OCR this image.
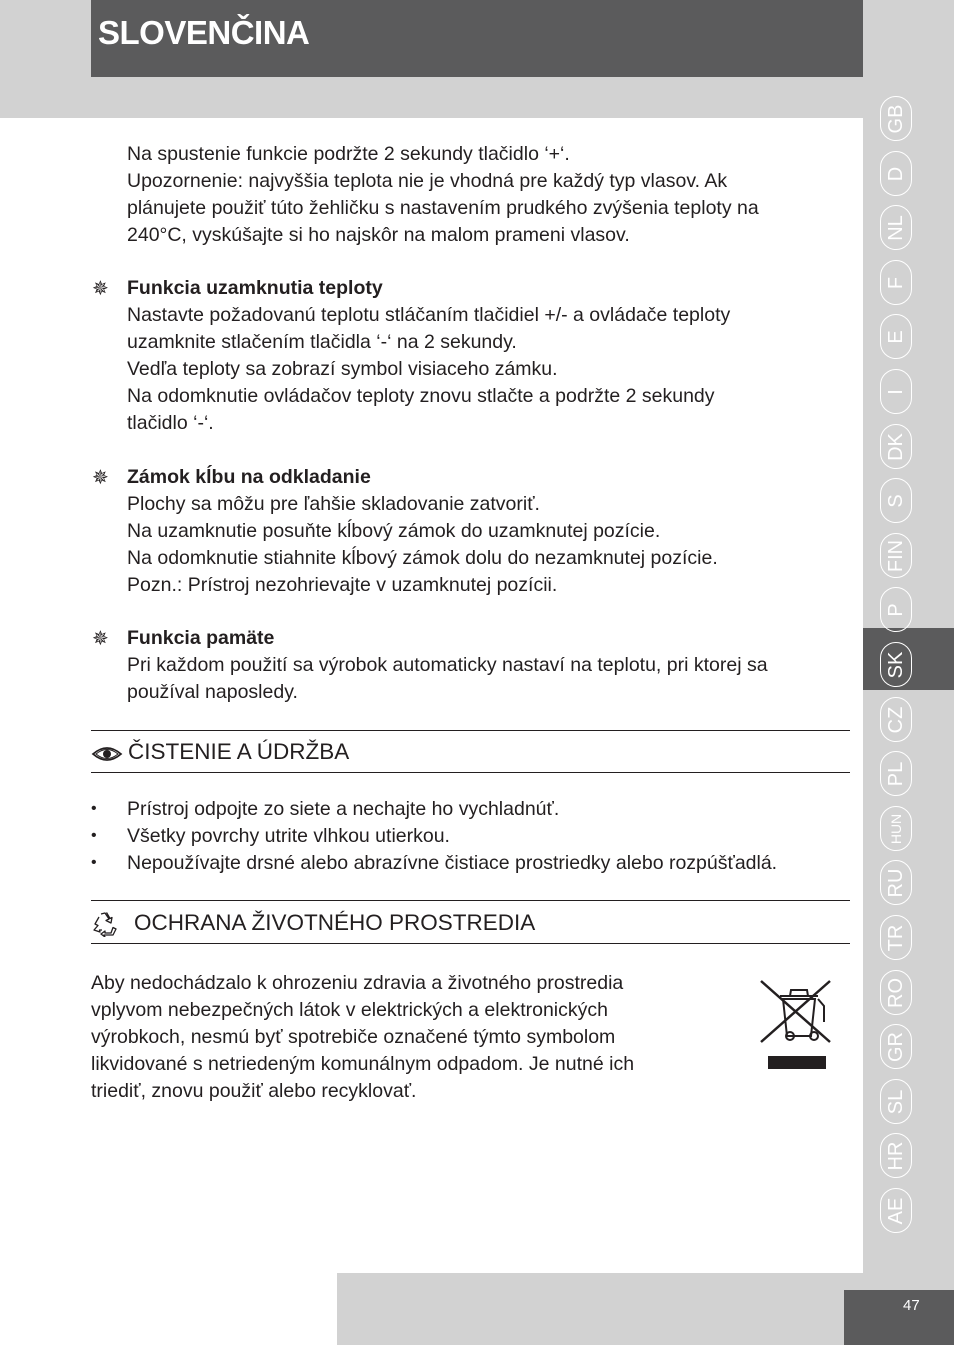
SLOVENČINA
Na spustenie funkcie podržte 2 sekundy tlačidlo ‘+‘.
Upozornenie: najvyššia teplota nie je vhodná pre každý typ vlasov. Ak
plánujete použiť túto žehličku s nastavením prudkého zvýšenia teploty na
240°C, vyskúšajte si ho najskôr na malom prameni vlasov.
✵ Funkcia uzamknutia teploty
Nastavte požadovanú teplotu stláčaním tlačidiel +/- a ovládače teploty
uzamknite stlačením tlačidla ‘-‘ na 2 sekundy.
Vedľa teploty sa zobrazí symbol visiaceho zámku.
Na odomknutie ovládačov teploty znovu stlačte a podržte 2 sekundy
tlačidlo ‘-‘.
✵ Zámok kĺbu na odkladanie
Plochy sa môžu pre ľahšie skladovanie zatvoriť.
Na uzamknutie posuňte kĺbový zámok do uzamknutej pozície.
Na odomknutie stiahnite kĺbový zámok dolu do nezamknutej pozície.
Pozn.: Prístroj nezohrievajte v uzamknutej pozícii.
✵ Funkcia pamäte
Pri každom použití sa výrobok automaticky nastaví na teplotu, pri ktorej sa
používal naposledy.
ČISTENIE A ÚDRŽBA
•
•
•
Prístroj odpojte zo siete a nechajte ho vychladnúť.
Všetky povrchy utrite vlhkou utierkou.
Nepoužívajte drsné alebo abrazívne čistiace prostriedky alebo rozpúšťadlá.
OCHRANA ŽIVOTNÉHO PROSTREDIA
Aby nedochádzalo k ohrozeniu zdravia a životného prostredia
vplyvom nebezpečných látok v elektrických a elektronických
výrobkoch, nesmú byť spotrebiče označené týmto symbolom
likvidované s netriedeným komunálnym odpadom. Je nutné ich
triediť, znovu použiť alebo recyklovať.
GB
D
NL
F
E
I
DK
S
FIN
P
SK
CZ
PL
HUN
RU
TR
RO
GR
SL
HR
AE
47
